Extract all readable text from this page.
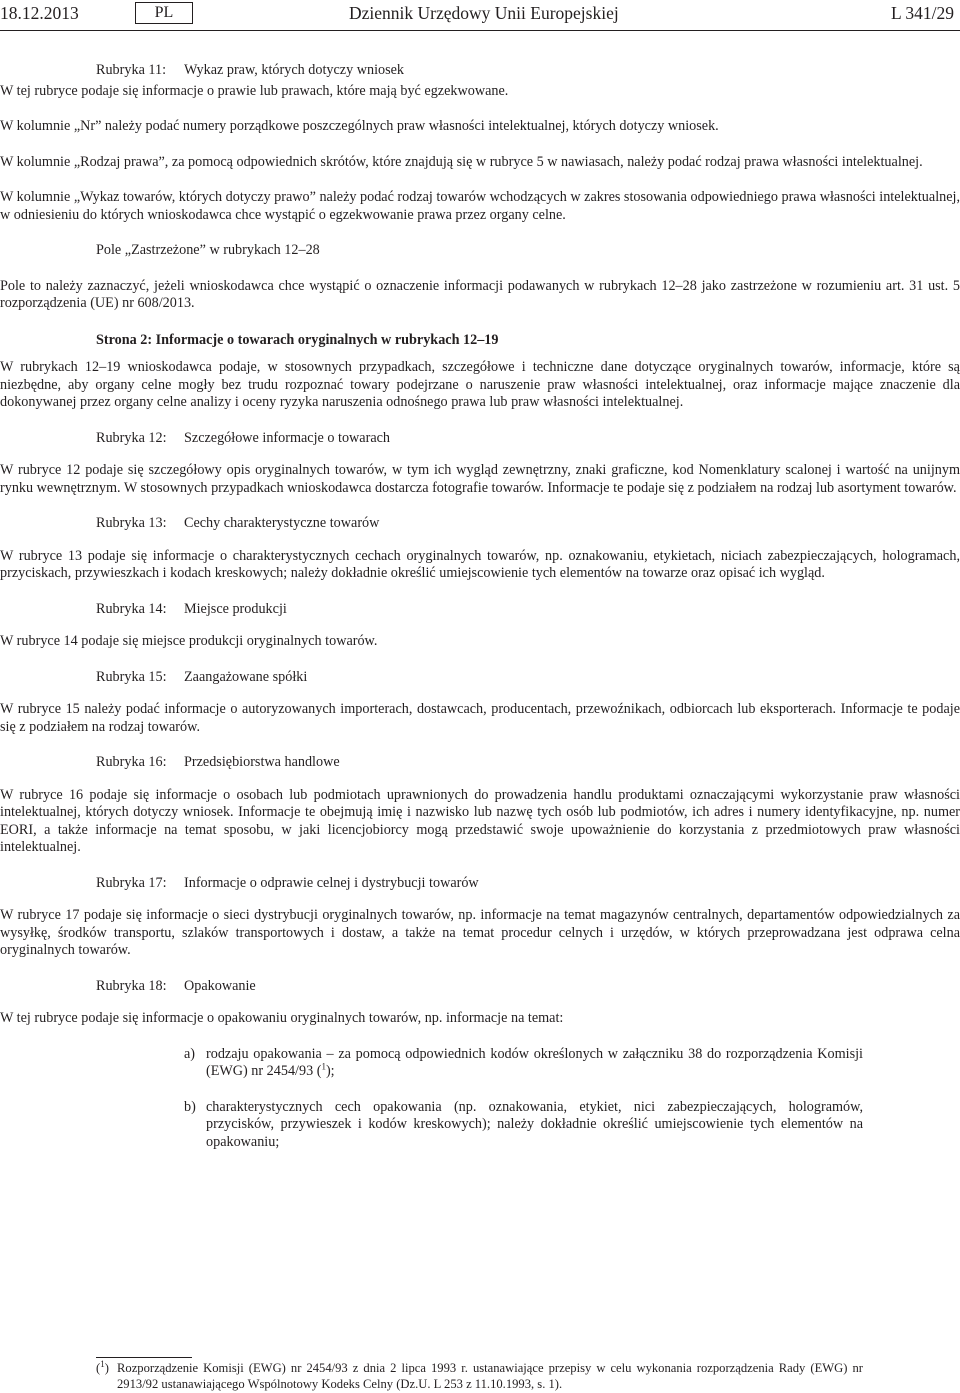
18.12.2013	PL	Dziennik Urzędowy Unii Europejskiej	L 341/29
Rubryka 11: Wykaz praw, których dotyczy wniosek

W tej rubryce podaje się informacje o prawie lub prawach, które mają być egzekwowane.

W kolumnie „Nr” należy podać numery porządkowe poszczególnych praw własności intelektualnej, których dotyczy wniosek.

W kolumnie „Rodzaj prawa”, za pomocą odpowiednich skrótów, które znajdują się w rubryce 5 w nawiasach, należy podać rodzaj prawa własności intelektualnej.

W kolumnie „Wykaz towarów, których dotyczy prawo” należy podać rodzaj towarów wchodzących w zakres stosowania odpowiedniego prawa własności intelektualnej, w odniesieniu do których wnioskodawca chce wystąpić o egzekwowanie prawa przez organy celne.

Pole „Zastrzeżone” w rubrykach 12–28

Pole to należy zaznaczyć, jeżeli wnioskodawca chce wystąpić o oznaczenie informacji podawanych w rubrykach 12–28 jako zastrzeżone w rozumieniu art. 31 ust. 5 rozporządzenia (UE) nr 608/2013.

Strona 2: Informacje o towarach oryginalnych w rubrykach 12–19

W rubrykach 12–19 wnioskodawca podaje, w stosownych przypadkach, szczegółowe i techniczne dane dotyczące oryginalnych towarów, informacje, które są niezbędne, aby organy celne mogły bez trudu rozpoznać towary podejrzane o naruszenie praw własności intelektualnej, oraz informacje mające znaczenie dla dokonywanej przez organy celne analizy i oceny ryzyka naruszenia odnośnego prawa lub praw własności intelektualnej.

Rubryka 12: Szczegółowe informacje o towarach

W rubryce 12 podaje się szczegółowy opis oryginalnych towarów, w tym ich wygląd zewnętrzny, znaki graficzne, kod Nomenklatury scalonej i wartość na unijnym rynku wewnętrznym. W stosownych przypadkach wnioskodawca dostarcza fotografie towarów. Informacje te podaje się z podziałem na rodzaj lub asortyment towarów.

Rubryka 13: Cechy charakterystyczne towarów

W rubryce 13 podaje się informacje o charakterystycznych cechach oryginalnych towarów, np. oznakowaniu, etykietach, niciach zabezpieczających, hologramach, przyciskach, przywieszkach i kodach kreskowych; należy dokładnie określić umiejscowienie tych elementów na towarze oraz opisać ich wygląd.

Rubryka 14: Miejsce produkcji

W rubryce 14 podaje się miejsce produkcji oryginalnych towarów.

Rubryka 15: Zaangażowane spółki

W rubryce 15 należy podać informacje o autoryzowanych importerach, dostawcach, producentach, przewoźnikach, odbiorcach lub eksporterach. Informacje te podaje się z podziałem na rodzaj towarów.

Rubryka 16: Przedsiębiorstwa handlowe

W rubryce 16 podaje się informacje o osobach lub podmiotach uprawnionych do prowadzenia handlu produktami oznaczającymi wykorzystanie praw własności intelektualnej, których dotyczy wniosek. Informacje te obejmują imię i nazwisko lub nazwę tych osób lub podmiotów, ich adres i numery identyfikacyjne, np. numer EORI, a także informacje na temat sposobu, w jaki licencjobiorcy mogą przedstawić swoje upoważnienie do korzystania z przedmiotowych praw własności intelektualnej.

Rubryka 17: Informacje o odprawie celnej i dystrybucji towarów

W rubryce 17 podaje się informacje o sieci dystrybucji oryginalnych towarów, np. informacje na temat magazynów centralnych, departamentów odpowiedzialnych za wysyłkę, środków transportu, szlaków transportowych i dostaw, a także na temat procedur celnych i urzędów, w których przeprowadzana jest odprawa celna oryginalnych towarów.

Rubryka 18: Opakowanie

W tej rubryce podaje się informacje o opakowaniu oryginalnych towarów, np. informacje na temat:

a) rodzaju opakowania – za pomocą odpowiednich kodów określonych w załączniku 38 do rozporządzenia Komisji (EWG) nr 2454/93 ($^1$);
b) charakterystycznych cech opakowania (np. oznakowania, etykiet, nici zabezpieczających, hologramów, przycisków, przywieszek i kodów kreskowych); należy dokładnie określić umiejscowienie tych elementów na opakowaniu;
($^1$) Rozporządzenie Komisji (EWG) nr 2454/93 z dnia 2 lipca 1993 r. ustanawiające przepisy w celu wykonania rozporządzenia Rady (EWG) nr 2913/92 ustanawiającego Wspólnotowy Kodeks Celny (Dz.U. L 253 z 11.10.1993, s. 1).
